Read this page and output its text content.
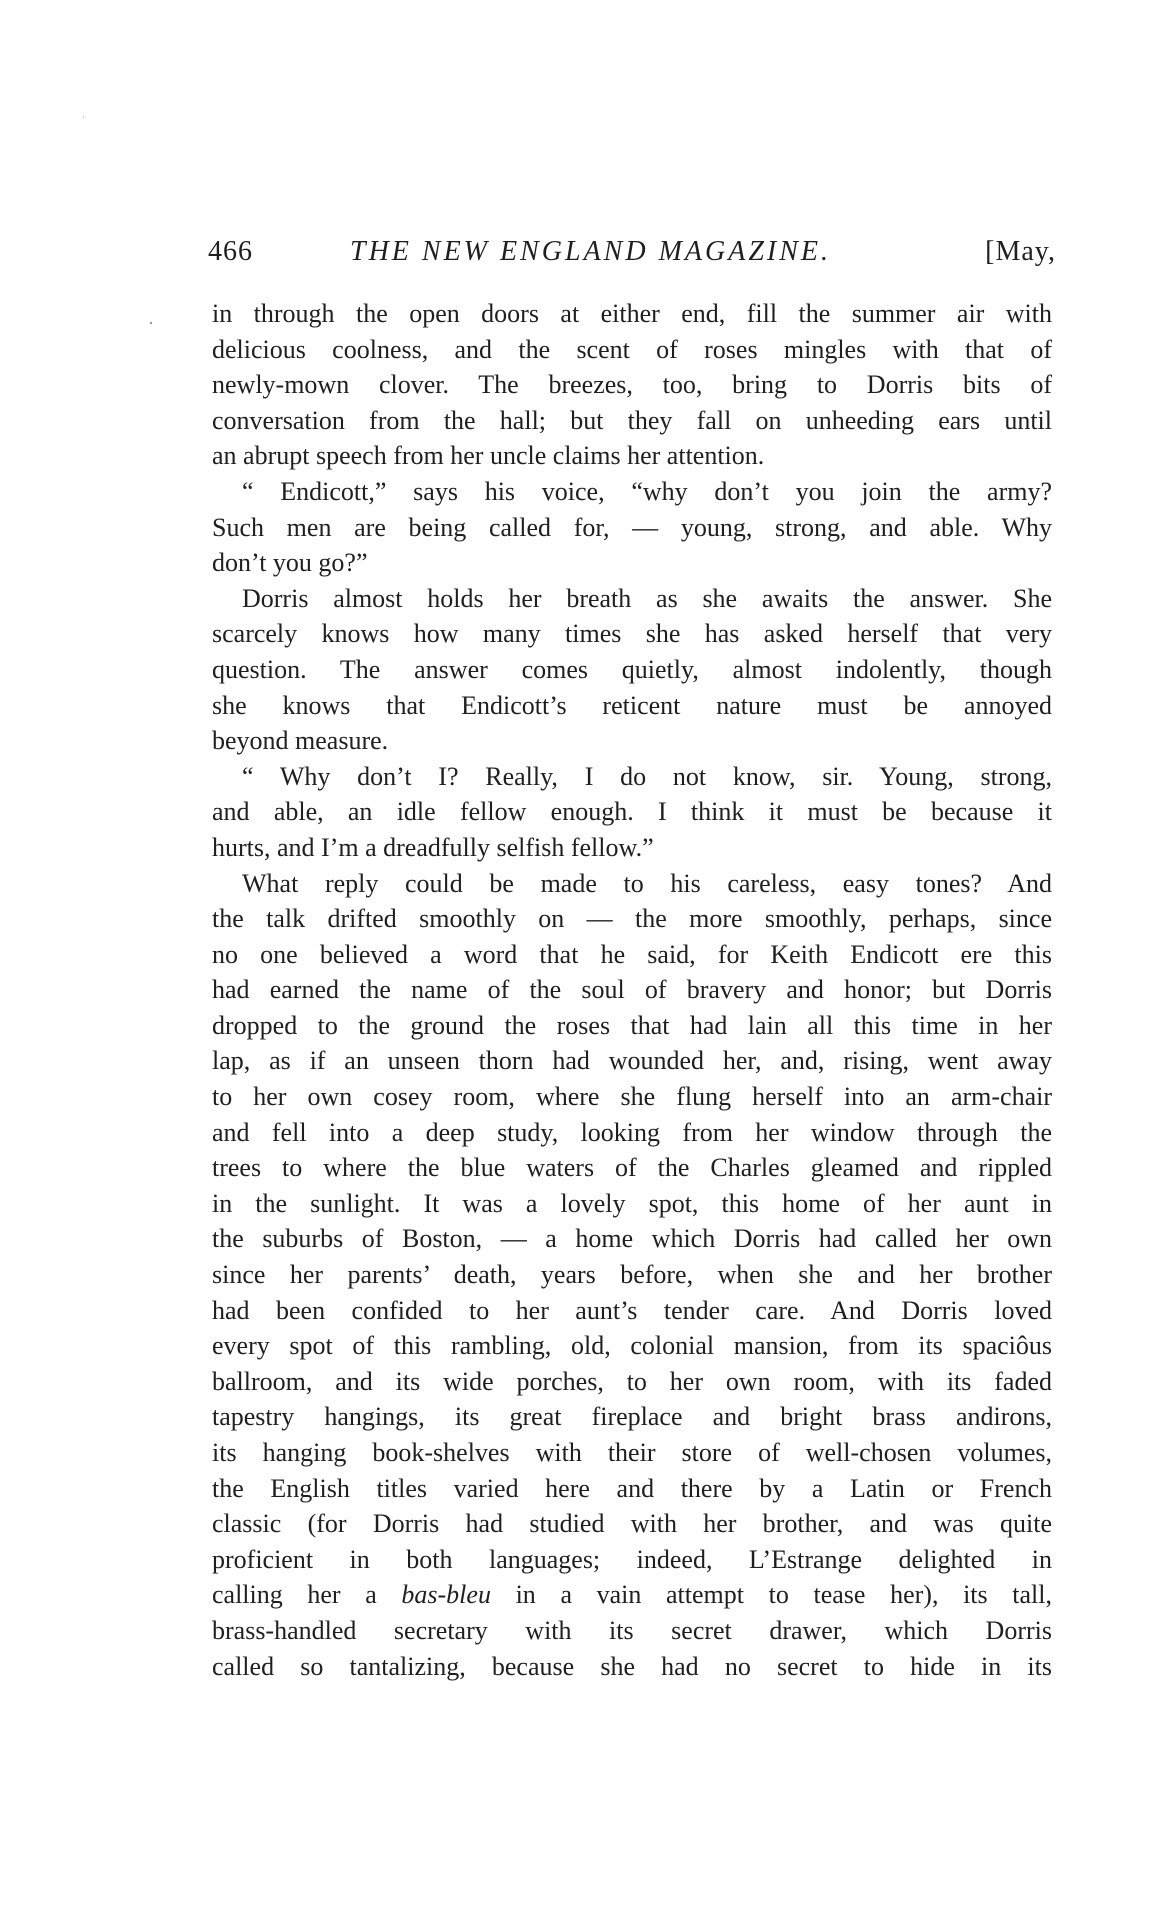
466	THE NEW ENGLAND MAGAZINE.	[May,
in through the open doors at either end, fill the summer air with
delicious coolness, and the scent of roses mingles with that of
newly-mown clover. The breezes, too, bring to Dorris bits of
conversation from the hall; but they fall on unheeding ears until
an abrupt speech from her uncle claims her attention.
“ Endicott,” says his voice, “why don’t you join the army?
Such men are being called for, — young, strong, and able. Why
don’t you go?”
Dorris almost holds her breath as she awaits the answer. She
scarcely knows how many times she has asked herself that very
question. The answer comes quietly, almost indolently, though
she knows that Endicott’s reticent nature must be annoyed
beyond measure.
“ Why don’t I? Really, I do not know, sir. Young, strong,
and able, an idle fellow enough. I think it must be because it
hurts, and I’m a dreadfully selfish fellow.”
What reply could be made to his careless, easy tones? And
the talk drifted smoothly on — the more smoothly, perhaps, since
no one believed a word that he said, for Keith Endicott ere this
had earned the name of the soul of bravery and honor; but Dorris
dropped to the ground the roses that had lain all this time in her
lap, as if an unseen thorn had wounded her, and, rising, went away
to her own cosey room, where she flung herself into an arm-chair
and fell into a deep study, looking from her window through the
trees to where the blue waters of the Charles gleamed and rippled
in the sunlight. It was a lovely spot, this home of her aunt in
the suburbs of Boston, — a home which Dorris had called her own
since her parents’ death, years before, when she and her brother
had been confided to her aunt’s tender care. And Dorris loved
every spot of this rambling, old, colonial mansion, from its spaciôus
ballroom, and its wide porches, to her own room, with its faded
tapestry hangings, its great fireplace and bright brass andirons,
its hanging book-shelves with their store of well-chosen volumes,
the English titles varied here and there by a Latin or French
classic (for Dorris had studied with her brother, and was quite
proficient in both languages; indeed, L’Estrange delighted in
calling her a bas-bleu in a vain attempt to tease her), its tall,
brass-handled secretary with its secret drawer, which Dorris
called so tantalizing, because she had no secret to hide in its
